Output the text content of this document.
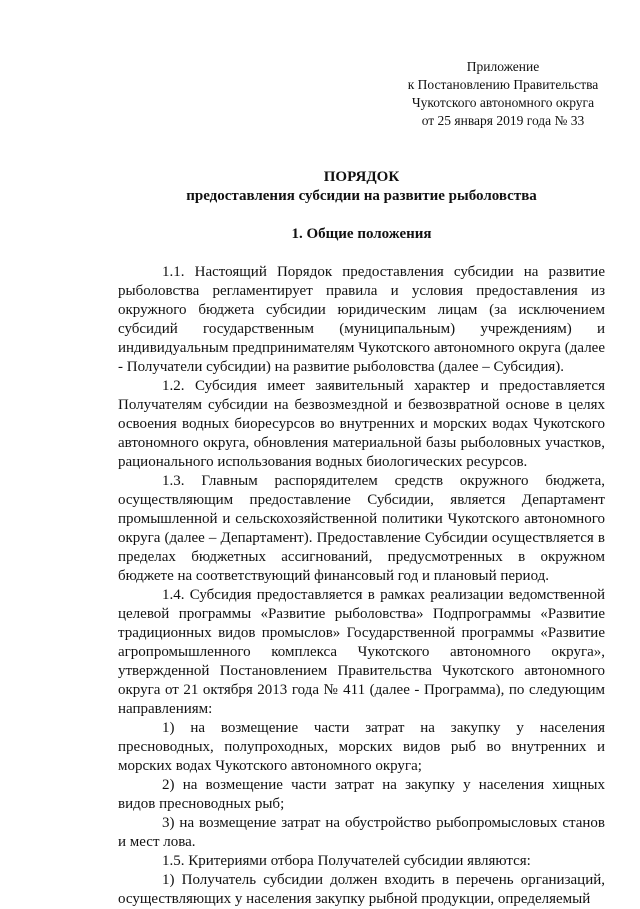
Приложение
к Постановлению Правительства
Чукотского автономного округа
от 25 января 2019 года № 33
ПОРЯДОК
предоставления субсидии на развитие рыболовства
1. Общие положения

1.1. Настоящий Порядок предоставления субсидии на развитие рыболовства регламентирует правила и условия предоставления из окружного бюджета субсидии юридическим лицам (за исключением субсидий государственным (муниципальным) учреждениям) и индивидуальным предпринимателям Чукотского автономного округа (далее - Получатели субсидии) на развитие рыболовства (далее – Субсидия).

1.2. Субсидия имеет заявительный характер и предоставляется Получателям субсидии на безвозмездной и безвозвратной основе в целях освоения водных биоресурсов во внутренних и морских водах Чукотского автономного округа, обновления материальной базы рыболовных участков, рационального использования водных биологических ресурсов.

1.3. Главным распорядителем средств окружного бюджета, осуществляющим предоставление Субсидии, является Департамент промышленной и сельскохозяйственной политики Чукотского автономного округа (далее – Департамент). Предоставление Субсидии осуществляется в пределах бюджетных ассигнований, предусмотренных в окружном бюджете на соответствующий финансовый год и плановый период.

1.4. Субсидия предоставляется в рамках реализации ведомственной целевой программы «Развитие рыболовства» Подпрограммы «Развитие традиционных видов промыслов» Государственной программы «Развитие агропромышленного комплекса Чукотского автономного округа», утвержденной Постановлением Правительства Чукотского автономного округа от 21 октября 2013 года № 411 (далее - Программа), по следующим направлениям:

1) на возмещение части затрат на закупку у населения пресноводных, полупроходных, морских видов рыб во внутренних и морских водах Чукотского автономного округа;

2) на возмещение части затрат на закупку у населения хищных видов пресноводных рыб;

3) на возмещение затрат на обустройство рыбопромысловых станов и мест лова.

1.5. Критериями отбора Получателей субсидии являются:

1) Получатель субсидии должен входить в перечень организаций, осуществляющих у населения закупку рыбной продукции, определяемый
